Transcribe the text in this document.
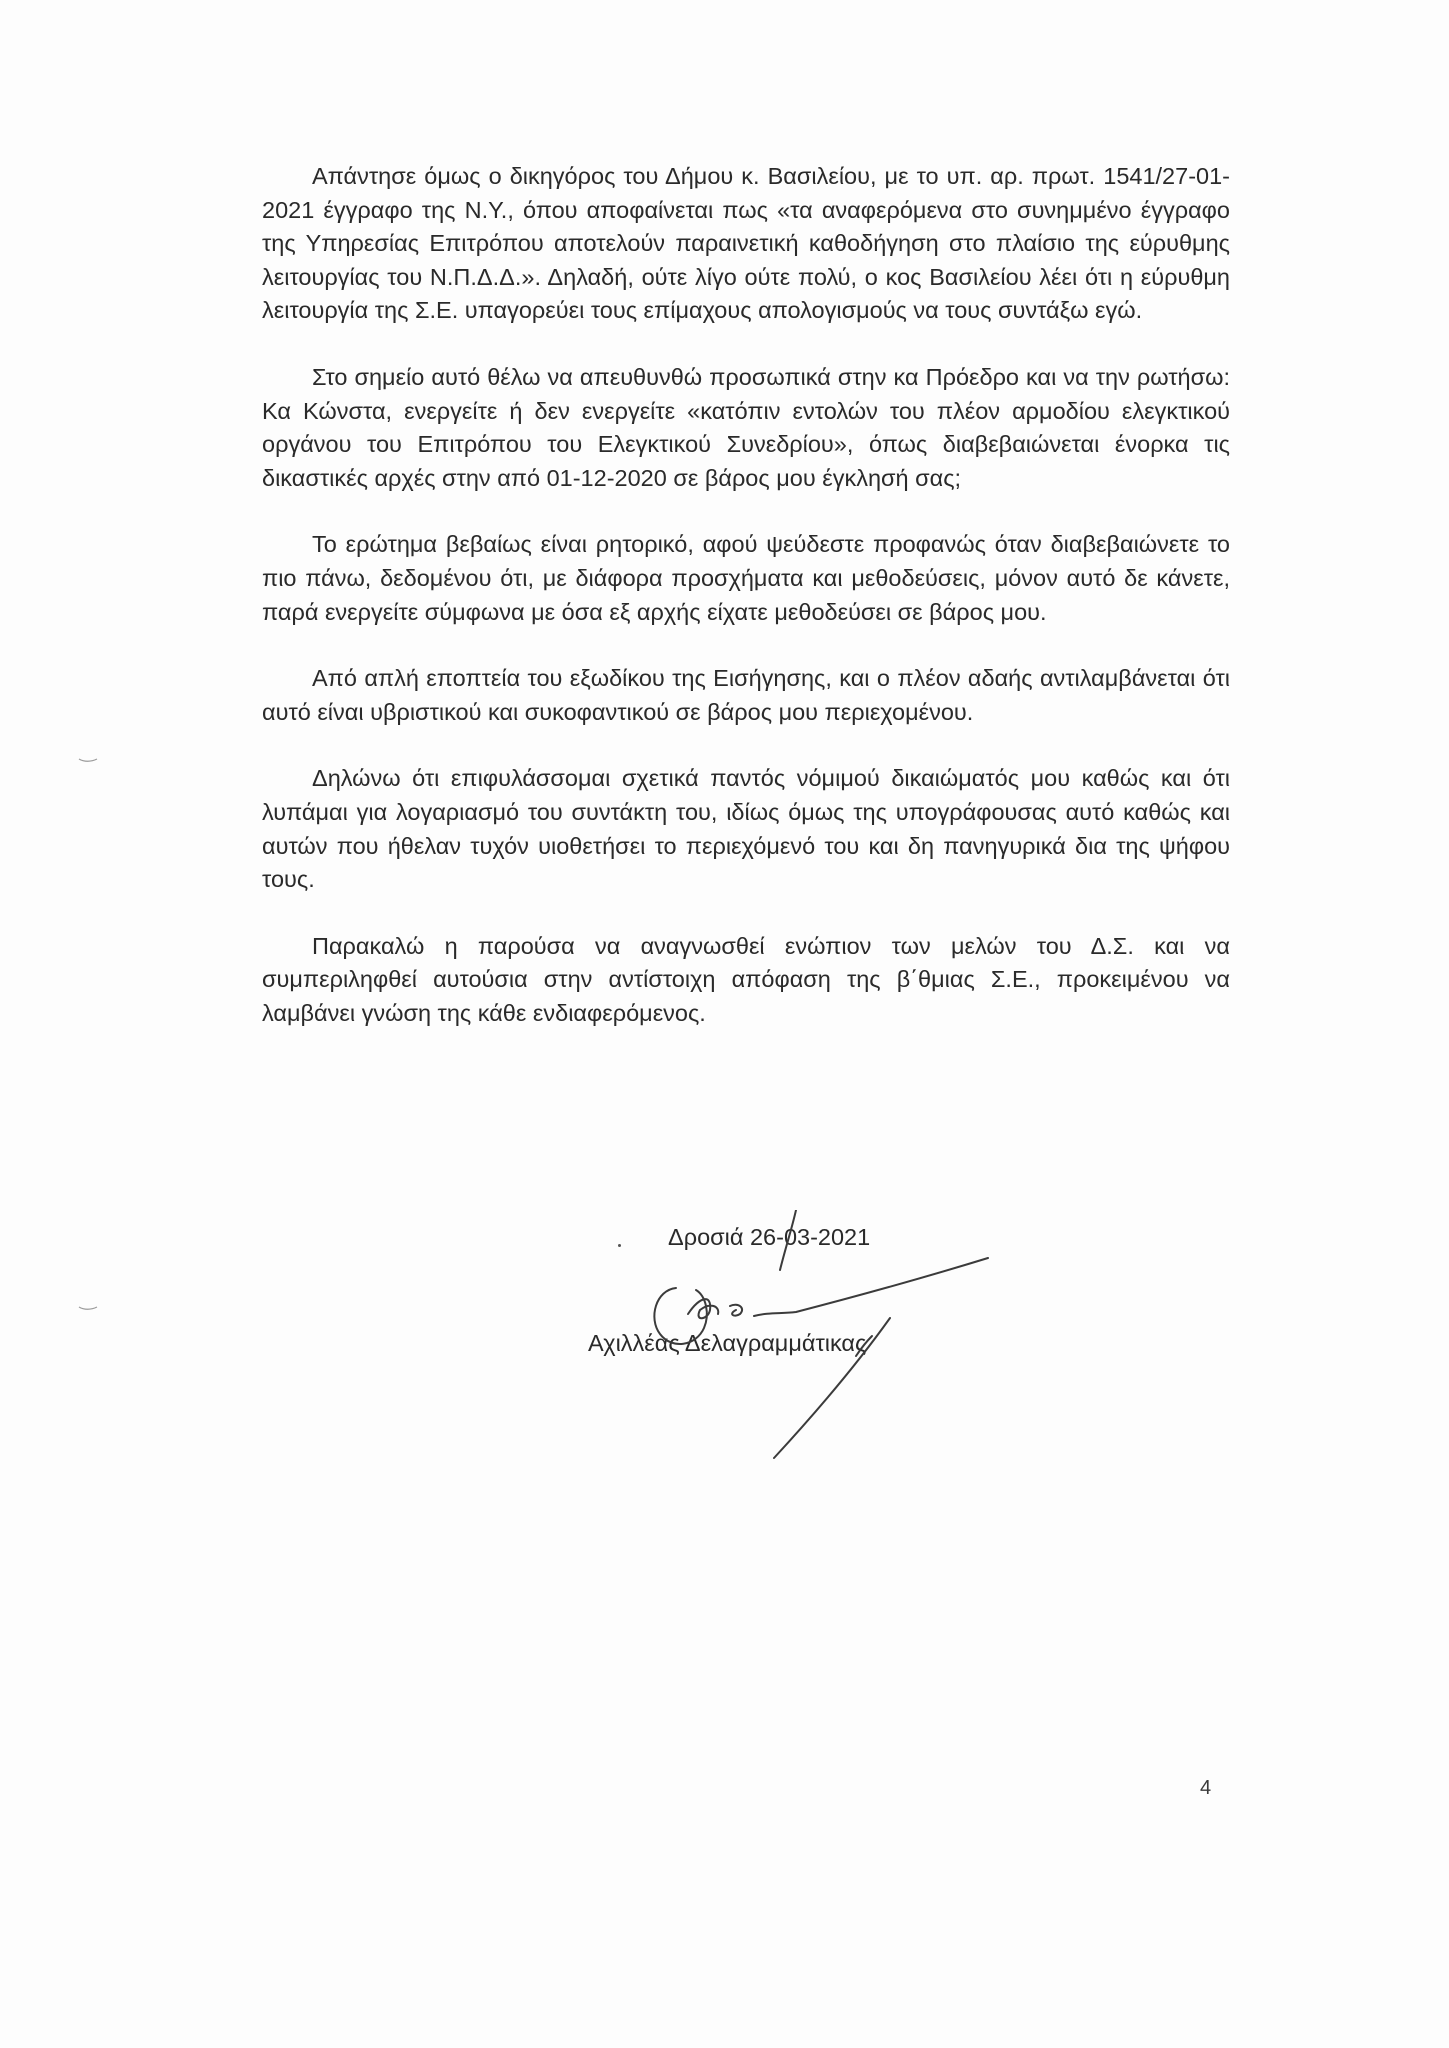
Απάντησε όμως ο δικηγόρος του Δήμου κ. Βασιλείου, με το υπ. αρ. πρωτ. 1541/27-01-2021 έγγραφο της Ν.Υ., όπου αποφαίνεται πως «τα αναφερόμενα στο συνημμένο έγγραφο της Υπηρεσίας Επιτρόπου αποτελούν παραινετική καθοδήγηση στο πλαίσιο της εύρυθμης λειτουργίας του Ν.Π.Δ.Δ.». Δηλαδή, ούτε λίγο ούτε πολύ, ο κος Βασιλείου λέει ότι η εύρυθμη λειτουργία της Σ.Ε. υπαγορεύει τους επίμαχους απολογισμούς να τους συντάξω εγώ.

Στο σημείο αυτό θέλω να απευθυνθώ προσωπικά στην κα Πρόεδρο και να την ρωτήσω: Κα Κώνστα, ενεργείτε ή δεν ενεργείτε «κατόπιν εντολών του πλέον αρμοδίου ελεγκτικού οργάνου του Επιτρόπου του Ελεγκτικού Συνεδρίου», όπως διαβεβαιώνεται ένορκα τις δικαστικές αρχές στην από 01-12-2020 σε βάρος μου έγκλησή σας;

Το ερώτημα βεβαίως είναι ρητορικό, αφού ψεύδεστε προφανώς όταν διαβεβαιώνετε το πιο πάνω, δεδομένου ότι, με διάφορα προσχήματα και μεθοδεύσεις, μόνον αυτό δε κάνετε, παρά ενεργείτε σύμφωνα με όσα εξ αρχής είχατε μεθοδεύσει σε βάρος μου.

Από απλή εποπτεία του εξωδίκου της Εισήγησης, και ο πλέον αδαής αντιλαμβάνεται ότι αυτό είναι υβριστικού και συκοφαντικού σε βάρος μου περιεχομένου.

Δηλώνω ότι επιφυλάσσομαι σχετικά παντός νόμιμού δικαιώματός μου καθώς και ότι λυπάμαι για λογαριασμό του συντάκτη του, ιδίως όμως της υπογράφουσας αυτό καθώς και αυτών που ήθελαν τυχόν υιοθετήσει το περιεχόμενό του και δη πανηγυρικά δια της ψήφου τους.

Παρακαλώ η παρούσα να αναγνωσθεί ενώπιον των μελών του Δ.Σ. και να συμπεριληφθεί αυτούσια στην αντίστοιχη απόφαση της β΄θμιας Σ.Ε., προκειμένου να λαμβάνει γνώση της κάθε ενδιαφερόμενος.

Δροσιά 26-03-2021
Αχιλλέας Δελαγραμμάτικας
4
